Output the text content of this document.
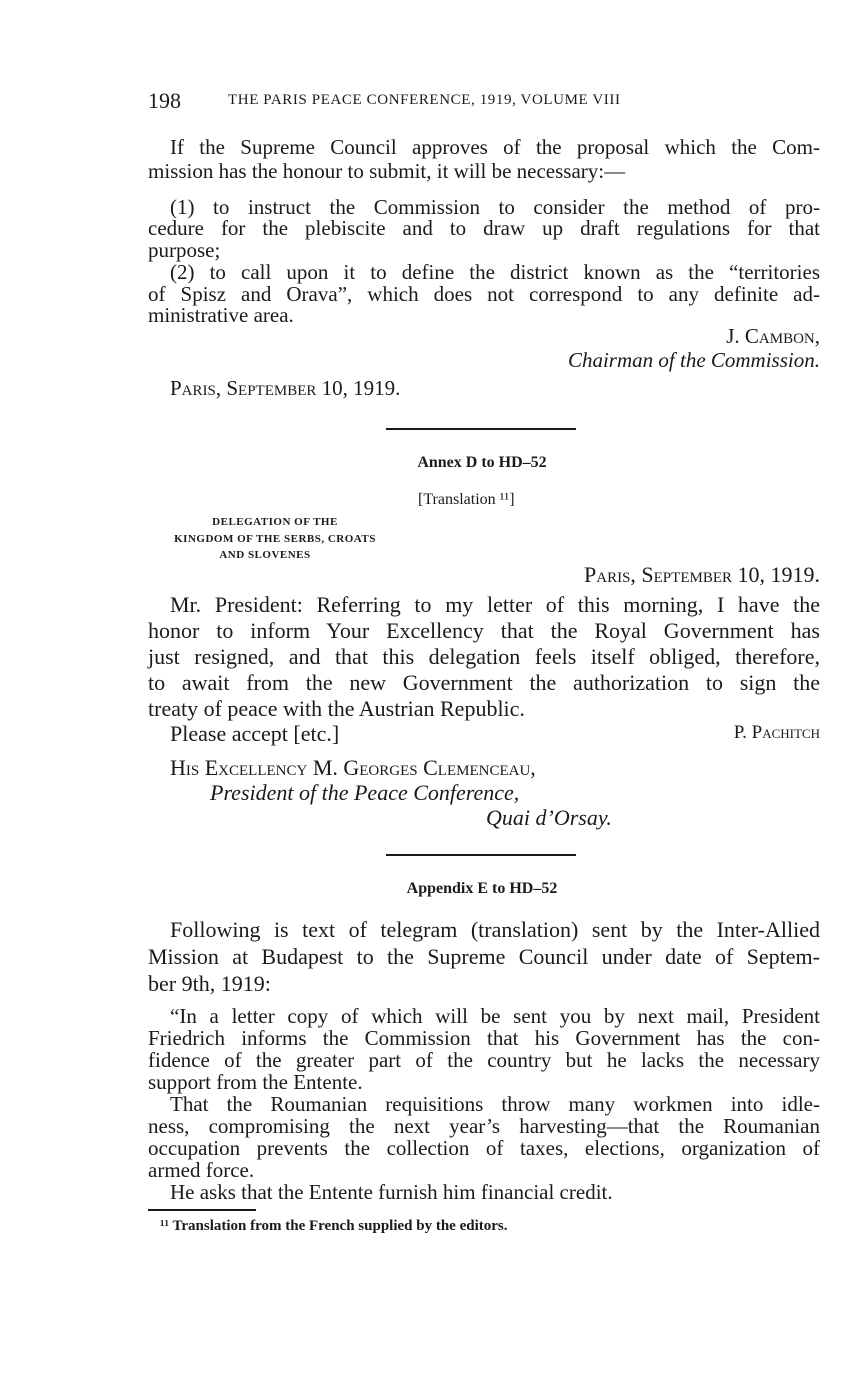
198	THE PARIS PEACE CONFERENCE, 1919, VOLUME VIII
If the Supreme Council approves of the proposal which the Com-
mission has the honour to submit, it will be necessary:—
(1) to instruct the Commission to consider the method of pro-
cedure for the plebiscite and to draw up draft regulations for that
purpose;
(2) to call upon it to define the district known as the “territories
of Spisz and Orava”, which does not correspond to any definite ad-
ministrative area.
J. Cambon,
Chairman of the Commission.
Paris, September 10, 1919.
Annex D to HD–52
[Translation ¹¹]
DELEGATION OF THE
KINGDOM OF THE SERBS, CROATS
AND SLOVENES
Paris, September 10, 1919.
Mr. President: Referring to my letter of this morning, I have the
honor to inform Your Excellency that the Royal Government has
just resigned, and that this delegation feels itself obliged, therefore,
to await from the new Government the authorization to sign the
treaty of peace with the Austrian Republic.
Please accept [etc.]	P. Pachitch
His Excellency M. Georges Clemenceau,
President of the Peace Conference,
Quai d’Orsay.
Appendix E to HD–52
Following is text of telegram (translation) sent by the Inter-Allied
Mission at Budapest to the Supreme Council under date of Septem-
ber 9th, 1919:
“In a letter copy of which will be sent you by next mail, President
Friedrich informs the Commission that his Government has the con-
fidence of the greater part of the country but he lacks the necessary
support from the Entente.
That the Roumanian requisitions throw many workmen into idle-
ness, compromising the next year’s harvesting—that the Roumanian
occupation prevents the collection of taxes, elections, organization of
armed force.
He asks that the Entente furnish him financial credit.
¹¹ Translation from the French supplied by the editors.
